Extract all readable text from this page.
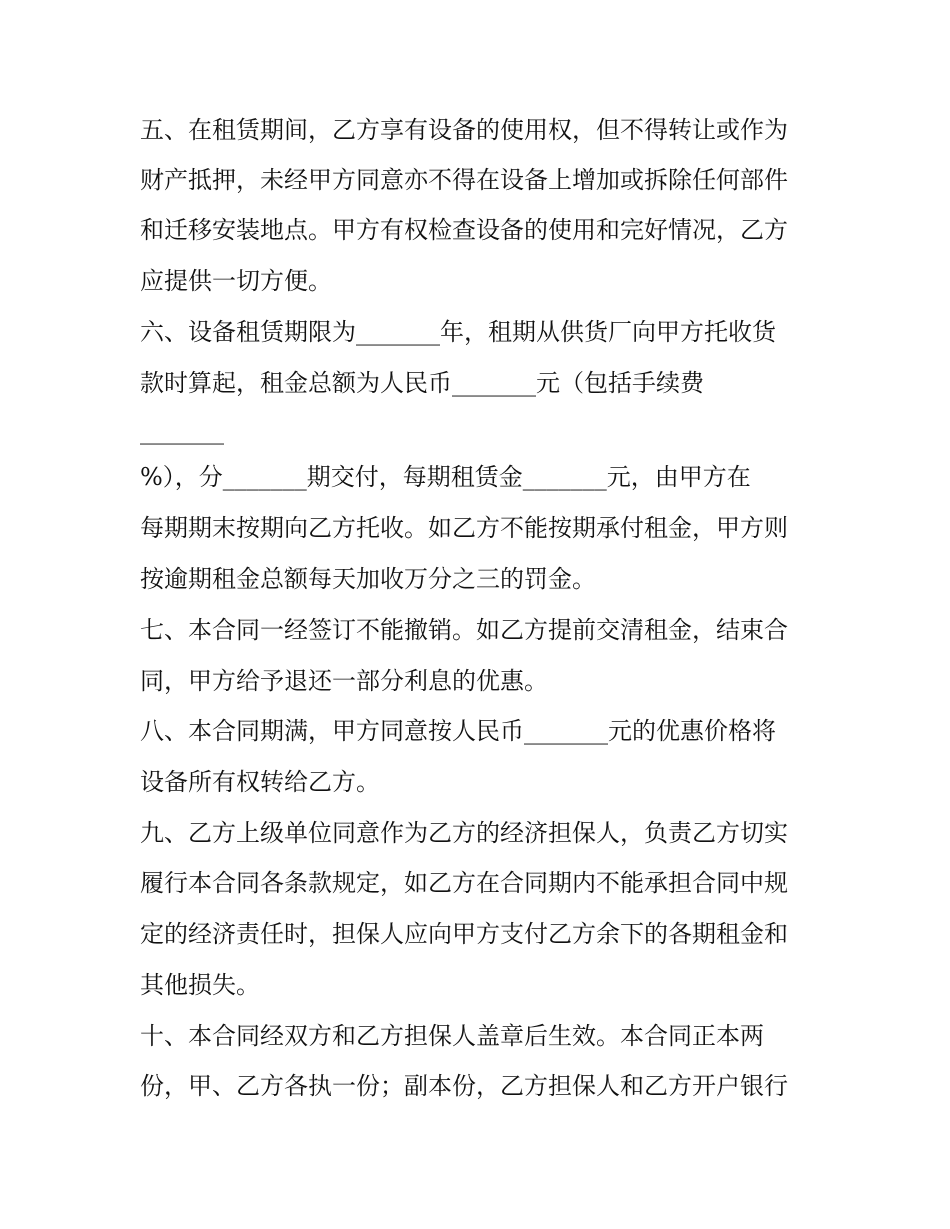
五、在租赁期间，乙方享有设备的使用权，但不得转让或作为

财产抵押，未经甲方同意亦不得在设备上增加或拆除任何部件

和迁移安装地点。甲方有权检查设备的使用和完好情况，乙方

应提供一切方便。

六、设备租赁期限为_______年，租期从供货厂向甲方托收货

款时算起，租金总额为人民币_______元（包括手续费

_______

%），分_______期交付，每期租赁金_______元，由甲方在

每期期末按期向乙方托收。如乙方不能按期承付租金，甲方则

按逾期租金总额每天加收万分之三的罚金。

七、本合同一经签订不能撤销。如乙方提前交清租金，结束合

同，甲方给予退还一部分利息的优惠。

八、本合同期满，甲方同意按人民币_______元的优惠价格将

设备所有权转给乙方。

九、乙方上级单位同意作为乙方的经济担保人，负责乙方切实

履行本合同各条款规定，如乙方在合同期内不能承担合同中规

定的经济责任时，担保人应向甲方支付乙方余下的各期租金和

其他损失。

十、本合同经双方和乙方担保人盖章后生效。本合同正本两

份，甲、乙方各执一份；副本份，乙方担保人和乙方开户银行
